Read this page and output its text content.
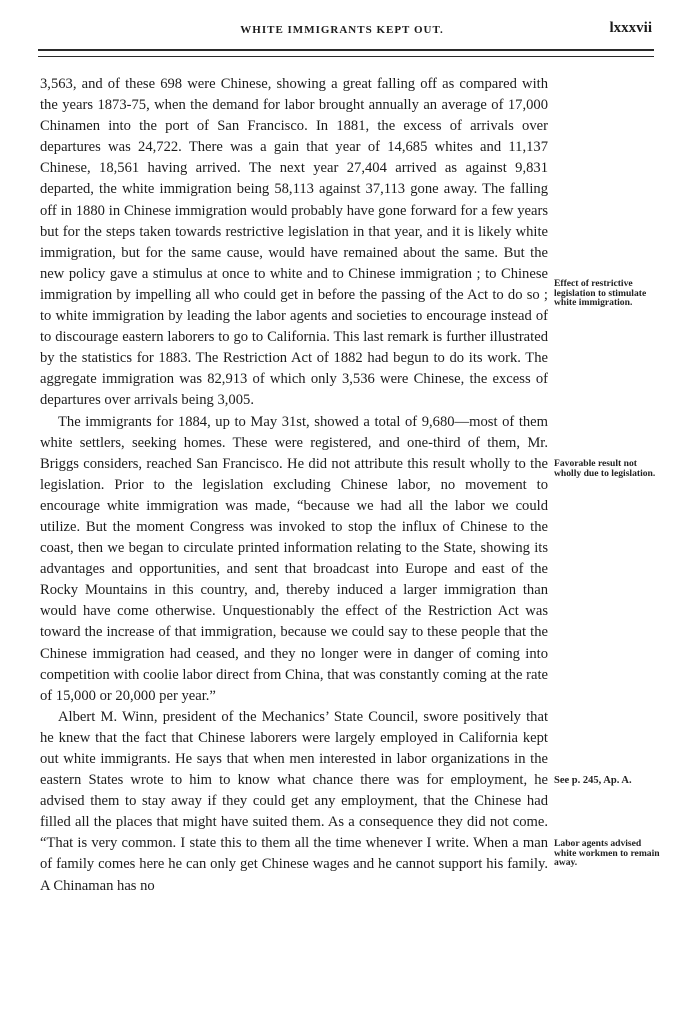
WHITE IMMIGRANTS KEPT OUT.	lxxxvii

3,563, and of these 698 were Chinese, showing a great falling off as compared with the years 1873-75, when the demand for labor brought annually an average of 17,000 Chinamen into the port of San Francisco. In 1881, the excess of arrivals over departures was 24,722. There was a gain that year of 14,685 whites and 11,137 Chinese, 18,561 having arrived. The next year 27,404 arrived as against 9,831 departed, the white immigration being 58,113 against 37,113 gone away. The falling off in 1880 in Chinese immigration would probably have gone forward for a few years but for the steps taken towards restrictive legislation in that year, and it is likely white immigration, but for the same cause, would have remained about the same. But the new policy gave a stimulus at once to white and to Chinese immigration ; to Chinese immigration by impelling all who could get in before the passing of the Act to do so ; to white immigration by leading the labor agents and societies to encourage instead of to discourage eastern laborers to go to California. This last remark is further illustrated by the statistics for 1883. The Restriction Act of 1882 had begun to do its work. The aggregate immigration was 82,913 of which only 3,536 were Chinese, the excess of departures over arrivals being 3,005.

The immigrants for 1884, up to May 31st, showed a total of 9,680—most of them white settlers, seeking homes. These were registered, and one-third of them, Mr. Briggs considers, reached San Francisco. He did not attribute this result wholly to the legislation. Prior to the legislation excluding Chinese labor, no movement to encourage white immigration was made, “because we had all the labor we could utilize. But the moment Congress was invoked to stop the influx of Chinese to the coast, then we began to circulate printed information relating to the State, showing its advantages and opportunities, and sent that broadcast into Europe and east of the Rocky Mountains in this country, and, thereby induced a larger immigration than would have come otherwise. Unquestionably the effect of the Restriction Act was toward the increase of that immigration, because we could say to these people that the Chinese immigration had ceased, and they no longer were in danger of coming into competition with coolie labor direct from China, that was constantly coming at the rate of 15,000 or 20,000 per year.”

Albert M. Winn, president of the Mechanics’ State Council, swore positively that he knew that the fact that Chinese laborers were largely employed in California kept out white immigrants. He says that when men interested in labor organizations in the eastern States wrote to him to know what chance there was for employment, he advised them to stay away if they could get any employment, that the Chinese had filled all the places that might have suited them. As a consequence they did not come. “That is very common. I state this to them all the time whenever I write. When a man of family comes here he can only get Chinese wages and he cannot support his family. A Chinaman has no

Effect of restrictive legislation to stimulate white immigration.
Favorable result not wholly due to legislation.
See p. 245, Ap. A.
Labor agents advised white workmen to remain away.
